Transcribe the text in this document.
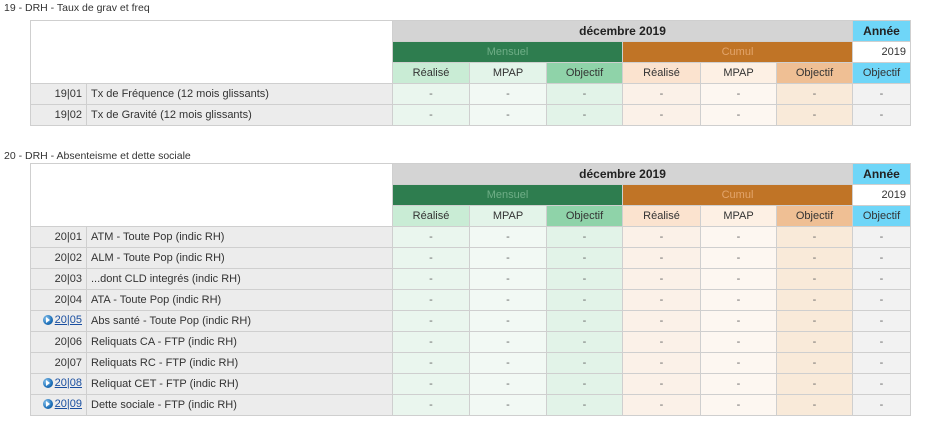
19 - DRH - Taux de grav et freq
		décembre 2019						Année
		Mensuel			Cumul			2019
		Réalisé	MPAP	Objectif	Réalisé	MPAP	Objectif	Objectif
19|01	Tx de Fréquence (12 mois glissants)	-	-	-	-	-	-	-
19|02	Tx de Gravité (12 mois glissants)	-	-	-	-	-	-	-
20 - DRH - Absenteisme et dette sociale
		décembre 2019						Année
		Mensuel			Cumul			2019
		Réalisé	MPAP	Objectif	Réalisé	MPAP	Objectif	Objectif
20|01	ATM - Toute Pop (indic RH)	-	-	-	-	-	-	-
20|02	ALM - Toute Pop (indic RH)	-	-	-	-	-	-	-
20|03	...dont CLD integrés (indic RH)	-	-	-	-	-	-	-
20|04	ATA - Toute Pop (indic RH)	-	-	-	-	-	-	-

20|05	Abs santé - Toute Pop (indic RH)	-	-	-	-	-	-	-
20|06	Reliquats CA - FTP (indic RH)	-	-	-	-	-	-	-
20|07	Reliquats RC - FTP (indic RH)	-	-	-	-	-	-	-

20|08	Reliquat CET - FTP (indic RH)	-	-	-	-	-	-	-

20|09	Dette sociale - FTP (indic RH)	-	-	-	-	-	-	-
